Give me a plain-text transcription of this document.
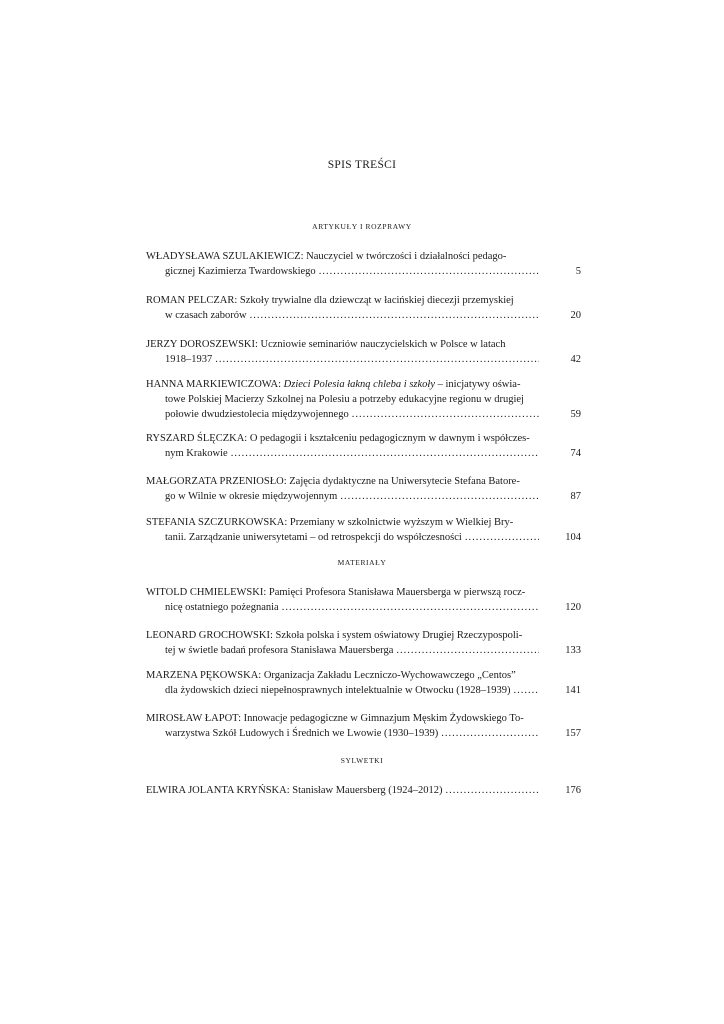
SPIS TREŚCI
ARTYKUŁY I ROZPRAWY
WŁADYSŁAWA SZULAKIEWICZ: Nauczyciel w twórczości i działalności pedago-
gicznej Kazimierza Twardowskiego .....	5
ROMAN PELCZAR: Szkoły trywialne dla dziewcząt w łacińskiej diecezji przemyskiej
w czasach zaborów .....	20
JERZY DOROSZEWSKI: Uczniowie seminariów nauczycielskich w Polsce w latach
1918–1937 .....	42
HANNA MARKIEWICZOWA: Dzieci Polesia łakną chleba i szkoły – inicjatywy oświa-
towe Polskiej Macierzy Szkolnej na Polesiu a potrzeby edukacyjne regionu w drugiej
połowie dwudziestolecia międzywojennego .....	59
RYSZARD ŚLĘCZKA: O pedagogii i kształceniu pedagogicznym w dawnym i współczes-
nym Krakowie .....	74
MAŁGORZATA PRZENIOSŁO: Zajęcia dydaktyczne na Uniwersytecie Stefana Batore-
go w Wilnie w okresie międzywojennym .....	87
STEFANIA SZCZURKOWSKA: Przemiany w szkolnictwie wyższym w Wielkiej Bry-
tanii. Zarządzanie uniwersytetami – od retrospekcji do współczesności .....	104
MATERIAŁY
WITOLD CHMIELEWSKI: Pamięci Profesora Stanisława Mauersberga w pierwszą rocz-
nicę ostatniego pożegnania .....	120
LEONARD GROCHOWSKI: Szkoła polska i system oświatowy Drugiej Rzeczypospoli-
tej w świetle badań profesora Stanisława Mauersberga .....	133
MARZENA PĘKOWSKA: Organizacja Zakładu Leczniczo-Wychowawczego „Centos”
dla żydowskich dzieci niepełnosprawnych intelektualnie w Otwocku (1928–1939) .....	141
MIROSŁAW ŁAPOT: Innowacje pedagogiczne w Gimnazjum Męskim Żydowskiego To-
warzystwa Szkół Ludowych i Średnich we Lwowie (1930–1939) .....	157
SYLWETKI
ELWIRA JOLANTA KRYŃSKA: Stanisław Mauersberg (1924–2012) .....	176
